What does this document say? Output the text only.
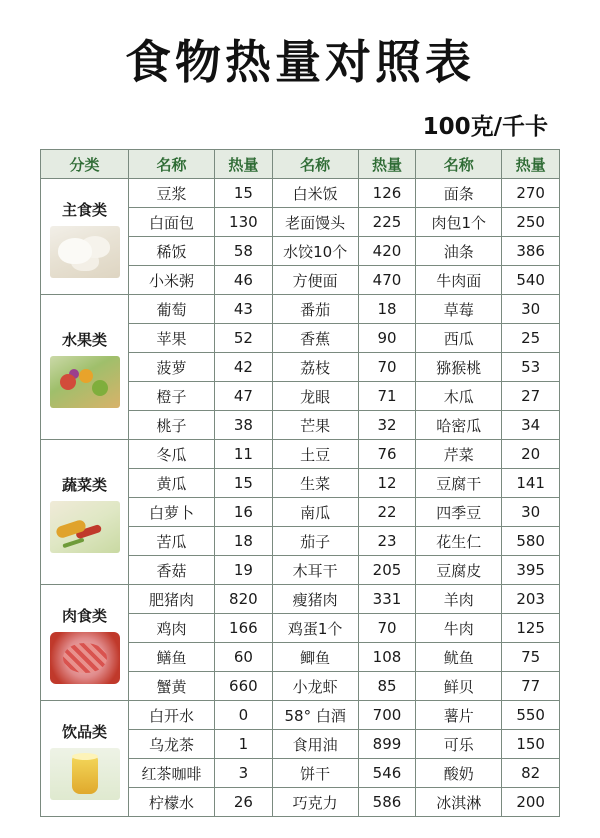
食物热量对照表
100克/千卡
分类	名称	热量	名称	热量	名称	热量

主食类	豆浆	15	白米饭	126	面条	270
	白面包	130	老面馒头	225	肉包1个	250
	稀饭	58	水饺10个	420	油条	386
	小米粥	46	方便面	470	牛肉面	540

水果类	葡萄	43	番茄	18	草莓	30
	苹果	52	香蕉	90	西瓜	25
	菠萝	42	荔枝	70	猕猴桃	53
	橙子	47	龙眼	71	木瓜	27
	桃子	38	芒果	32	哈密瓜	34

蔬菜类	冬瓜	11	土豆	76	芹菜	20
	黄瓜	15	生菜	12	豆腐干	141
	白萝卜	16	南瓜	22	四季豆	30
	苦瓜	18	茄子	23	花生仁	580
	香菇	19	木耳干	205	豆腐皮	395

肉食类	肥猪肉	820	瘦猪肉	331	羊肉	203
	鸡肉	166	鸡蛋1个	70	牛肉	125
	鳝鱼	60	鲫鱼	108	鱿鱼	75
	蟹黄	660	小龙虾	85	鲜贝	77

饮品类	白开水	0	58° 白酒	700	薯片	550
	乌龙茶	1	食用油	899	可乐	150
	红茶咖啡	3	饼干	546	酸奶	82
	柠檬水	26	巧克力	586	冰淇淋	200
